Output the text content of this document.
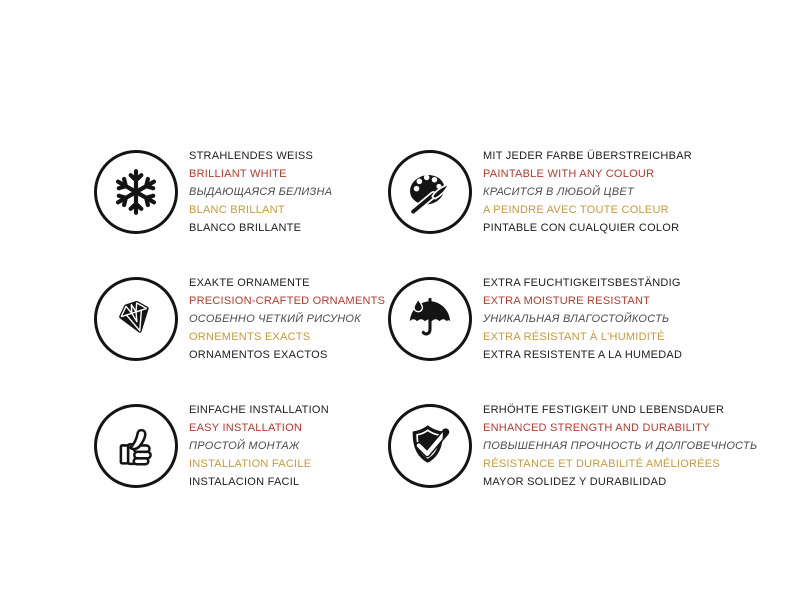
STRAHLENDES WEISS
BRILLIANT WHITE
ВЫДАЮЩАЯСЯ БЕЛИЗНА
BLANC BRILLANT
BLANCO BRILLANTE
MIT JEDER FARBE ÜBERSTREICHBAR
PAINTABLE WITH ANY COLOUR
КРАСИТСЯ В ЛЮБОЙ ЦВЕТ
A PEINDRE AVEC TOUTE COLEUR
PINTABLE CON CUALQUIER COLOR
EXAKTE ORNAMENTE
PRECISION-CRAFTED ORNAMENTS
ОСОБЕННО ЧЕТКИЙ РИСУНОК
ORNEMENTS EXACTS
ORNAMENTOS EXACTOS
EXTRA FEUCHTIGKEITSBESTÄNDIG
EXTRA MOISTURE RESISTANT
УНИКАЛЬНАЯ ВЛАГОСТОЙКОСТЬ
EXTRA RÉSISTANT À L'HUMIDITÉ
EXTRA RESISTENTE A LA HUMEDAD
EINFACHE INSTALLATION
EASY INSTALLATION
ПРОСТОЙ МОНТАЖ
INSTALLATION FACILE
INSTALACION FACIL
ERHÖHTE FESTIGKEIT UND LEBENSDAUER
ENHANCED STRENGTH AND DURABILITY
ПОВЫШЕННАЯ ПРОЧНОСТЬ И ДОЛГОВЕЧНОСТЬ
RÉSISTANCE ET DURABILITÉ AMÉLIORÉES
MAYOR SOLIDEZ Y DURABILIDAD
